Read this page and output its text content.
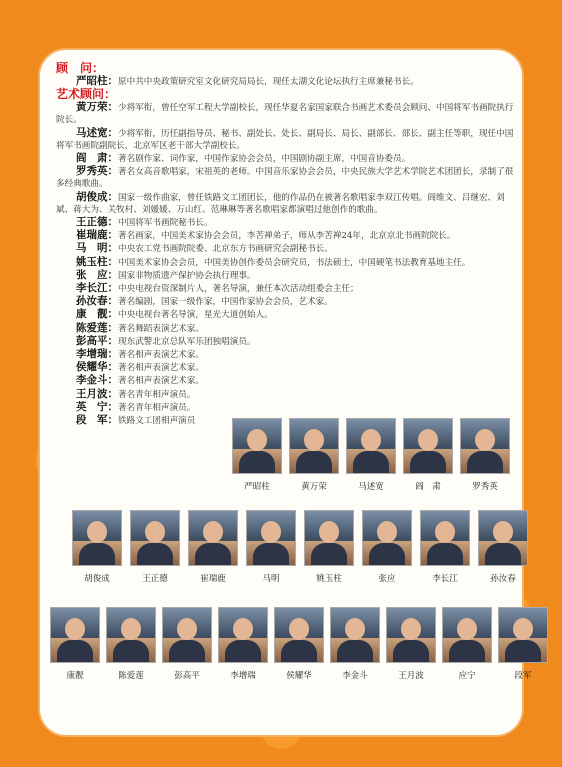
顾　问：

严昭柱：原中共中央政策研究室文化研究局局长，现任太湖文化论坛执行主席兼秘书长。

艺术顾问：

黄万荣：少将军衔，曾任空军工程大学副校长，现任华夏名家国家联合书画艺术委员会顾问、中国将军书画院执行院长。

马述宽：少将军衔，历任副指导员、秘书、副处长、处长、副局长、局长、副部长、部长、副主任等职，现任中国将军书画院副院长，北京军区老干部大学副校长。

阎　肃：著名剧作家、词作家，中国作家协会会员，中国剧协副主席，中国音协委员。

罗秀英：著名女高音歌唱家，宋祖英的老师。中国音乐家协会会员，中央民族大学艺术学院艺术团团长，录制了很多经典歌曲。

胡俊成：国家一级作曲家，曾任铁路文工团团长，他的作品仍在被著名歌唱家李双江传唱。阎维文、吕继宏、刘斌、蒋大为、关牧村、刘媛媛、万山红、范琳琳等著名歌唱家都演唱过他创作的歌曲。

王正德：中国将军书画院秘书长。

崔瑞鹿：著名画家，中国美术家协会会员，李苦禅弟子，师从李苦禅24年，北京京北书画院院长。

马　明：中央农工党书画院院委、北京东方书画研究会副秘书长。

姚玉柱：中国美术家协会会员，中国美协创作委员会研究员，书法硕士，中国硬笔书法教育基地主任。

张　应：国家非物质遗产保护协会执行理事。

李长江：中央电视台资深制片人，著名导演，兼任本次活动组委会主任；

孙汝春：著名编剧，国家一级作家，中国作家协会会员，艺术家。

康　靓：中央电视台著名导演，星光大道创始人。

陈爱莲：著名舞蹈表演艺术家。

彭高平：现东武警北京总队军乐团独唱演员。

李增瑞：著名相声表演艺术家。

侯耀华：著名相声表演艺术家。

李金斗：著名相声表演艺术家。

王月波：著名青年相声演员。

英　宁：著名青年相声演员。

段　军：铁路文工团相声演员

严昭柱	黄万荣	马述宽	阎　肃	罗秀英
胡俊成	王正德	崔瑞鹿	马明	姚玉柱	张应	李长江	孙汝春
康靓	陈爱莲	彭高平	李增瑞	侯耀华	李金斗	王月波	应宁	段军
